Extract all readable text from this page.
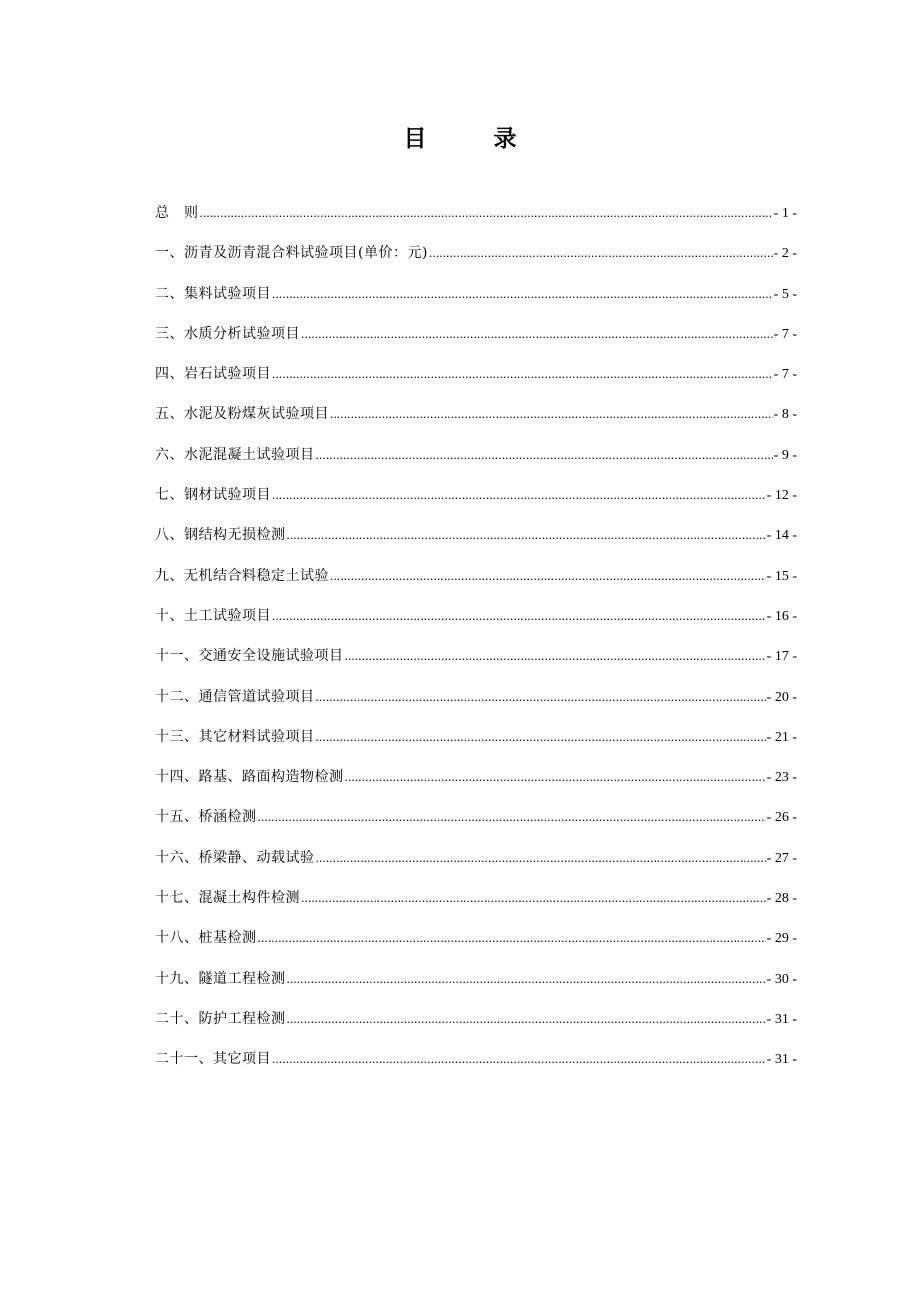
目　录
总　则 .....	- 1 -
一、沥青及沥青混合料试验项目(单价：元) .....	- 2 -
二、集料试验项目 .....	- 5 -
三、水质分析试验项目 .....	- 7 -
四、岩石试验项目 .....	- 7 -
五、水泥及粉煤灰试验项目 .....	- 8 -
六、水泥混凝土试验项目 .....	- 9 -
七、钢材试验项目 .....	- 12 -
八、钢结构无损检测 .....	- 14 -
九、无机结合料稳定土试验 .....	- 15 -
十、土工试验项目 .....	- 16 -
十一、交通安全设施试验项目 .....	- 17 -
十二、通信管道试验项目 .....	- 20 -
十三、其它材料试验项目 .....	- 21 -
十四、路基、路面构造物检测 .....	- 23 -
十五、桥涵检测 .....	- 26 -
十六、桥梁静、动载试验 .....	- 27 -
十七、混凝土构件检测 .....	- 28 -
十八、桩基检测 .....	- 29 -
十九、隧道工程检测 .....	- 30 -
二十、防护工程检测 .....	- 31 -
二十一、其它项目 .....	- 31 -
